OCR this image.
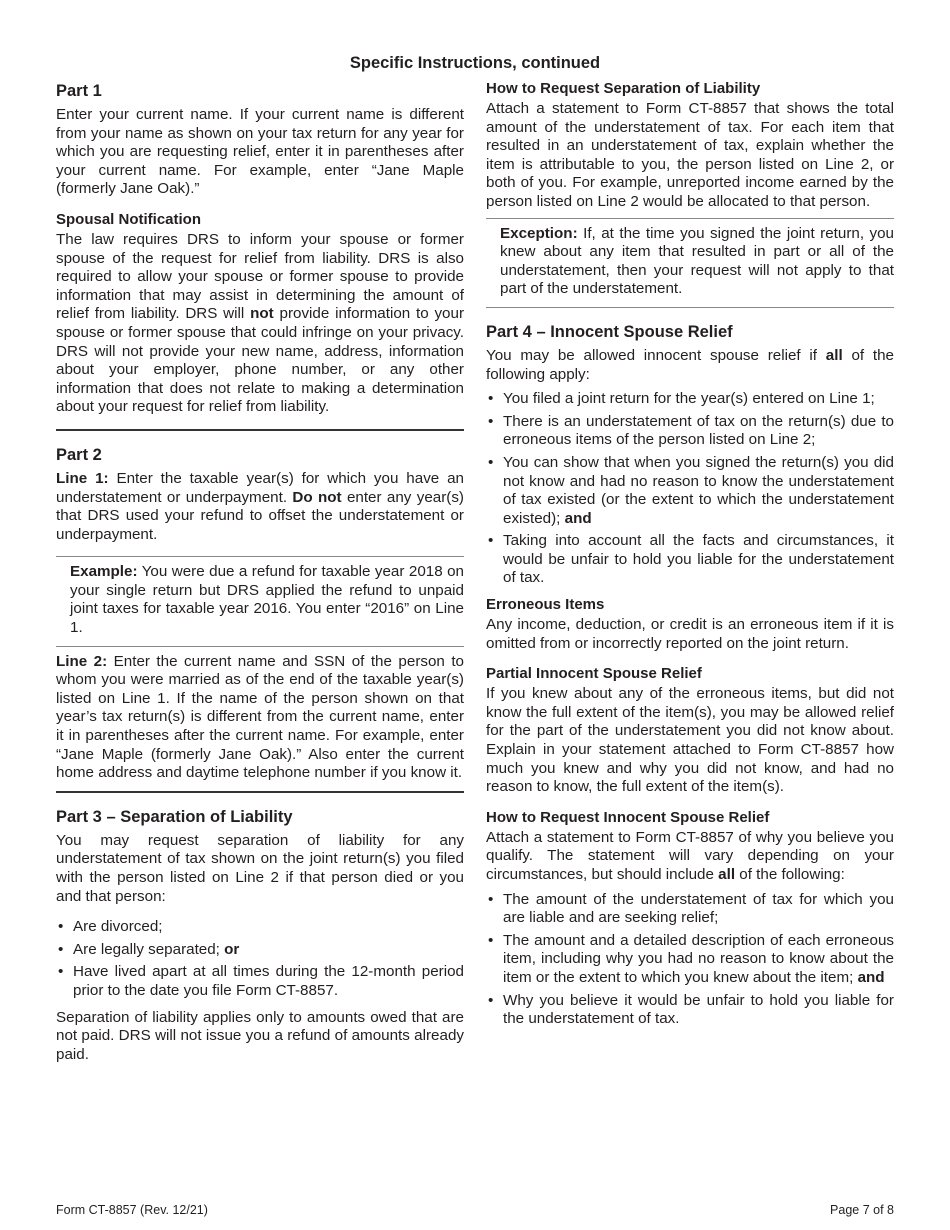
Specific Instructions, continued
Part 1

Enter your current name. If your current name is different from your name as shown on your tax return for any year for which you are requesting relief, enter it in parentheses after your current name. For example, enter “Jane Maple (formerly Jane Oak).”

Spousal Notification

The law requires DRS to inform your spouse or former spouse of the request for relief from liability. DRS is also required to allow your spouse or former spouse to provide information that may assist in determining the amount of relief from liability. DRS will not provide information to your spouse or former spouse that could infringe on your privacy. DRS will not provide your new name, address, information about your employer, phone number, or any other information that does not relate to making a determination about your request for relief from liability.

Part 2

Line 1: Enter the taxable year(s) for which you have an understatement or underpayment. Do not enter any year(s) that DRS used your refund to offset the understatement or underpayment.

Example: You were due a refund for taxable year 2018 on your single return but DRS applied the refund to unpaid joint taxes for taxable year 2016. You enter “2016” on Line 1.

Line 2: Enter the current name and SSN of the person to whom you were married as of the end of the taxable year(s) listed on Line 1. If the name of the person shown on that year’s tax return(s) is different from the current name, enter it in parentheses after the current name. For example, enter “Jane Maple (formerly Jane Oak).” Also enter the current home address and daytime telephone number if you know it.

Part 3 – Separation of Liability

You may request separation of liability for any understatement of tax shown on the joint return(s) you filed with the person listed on Line 2 if that person died or you and that person:

• Are divorced;
• Are legally separated; or
• Have lived apart at all times during the 12-month period prior to the date you file Form CT-8857.

Separation of liability applies only to amounts owed that are not paid. DRS will not issue you a refund of amounts already paid.

How to Request Separation of Liability

Attach a statement to Form CT-8857 that shows the total amount of the understatement of tax. For each item that resulted in an understatement of tax, explain whether the item is attributable to you, the person listed on Line 2, or both of you. For example, unreported income earned by the person listed on Line 2 would be allocated to that person.

Exception: If, at the time you signed the joint return, you knew about any item that resulted in part or all of the understatement, then your request will not apply to that part of the understatement.

Part 4 – Innocent Spouse Relief

You may be allowed innocent spouse relief if all of the following apply:

• You filed a joint return for the year(s) entered on Line 1;
• There is an understatement of tax on the return(s) due to erroneous items of the person listed on Line 2;
• You can show that when you signed the return(s) you did not know and had no reason to know the understatement of tax existed (or the extent to which the understatement existed); and
• Taking into account all the facts and circumstances, it would be unfair to hold you liable for the understatement of tax.
Erroneous Items

Any income, deduction, or credit is an erroneous item if it is omitted from or incorrectly reported on the joint return.

Partial Innocent Spouse Relief

If you knew about any of the erroneous items, but did not know the full extent of the item(s), you may be allowed relief for the part of the understatement you did not know about. Explain in your statement attached to Form CT-8857 how much you knew and why you did not know, and had no reason to know, the full extent of the item(s).

How to Request Innocent Spouse Relief

Attach a statement to Form CT-8857 of why you believe you qualify. The statement will vary depending on your circumstances, but should include all of the following:

• The amount of the understatement of tax for which you are liable and are seeking relief;
• The amount and a detailed description of each erroneous item, including why you had no reason to know about the item or the extent to which you knew about the item; and
• Why you believe it would be unfair to hold you liable for the understatement of tax.
Form CT-8857 (Rev. 12/21)	Page 7 of 8
